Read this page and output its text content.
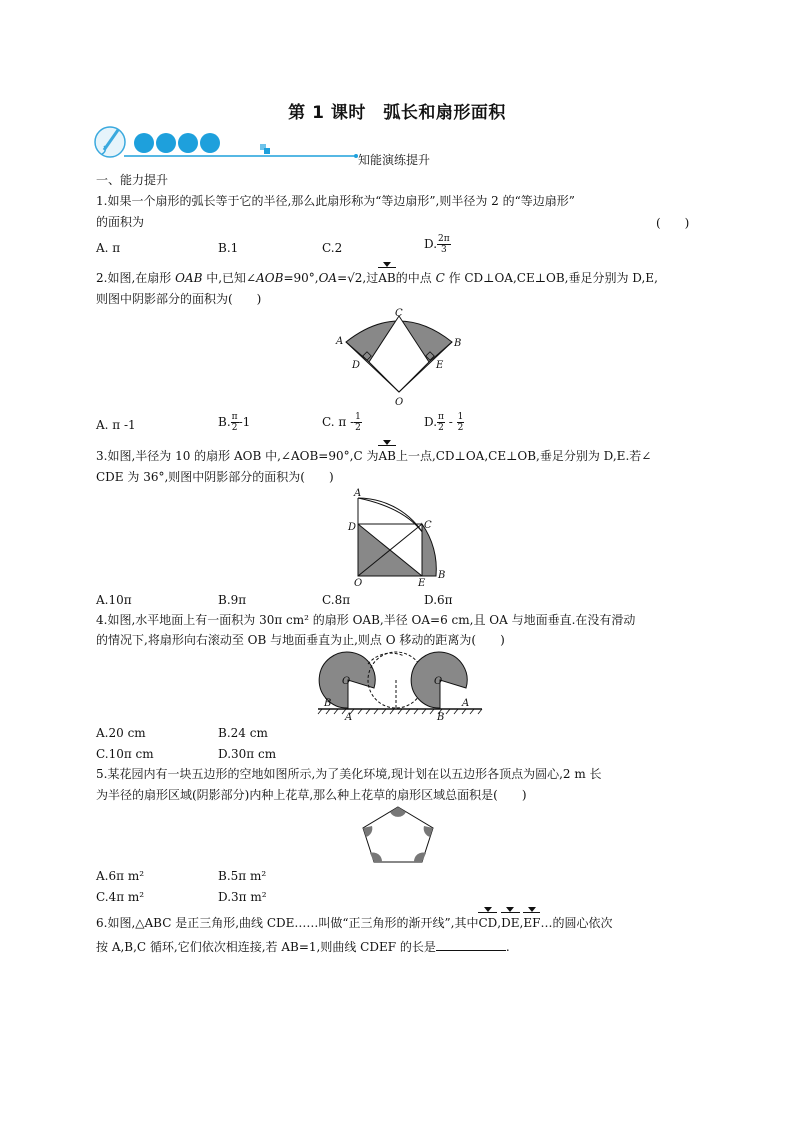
第 1 课时　弧长和扇形面积
知能演练提升
一、能力提升
1.如果一个扇形的弧长等于它的半径,那么此扇形称为“等边扇形”,则半径为 2 的“等边扇形”
的面积为	(　　)
A. π	B.1	C.2	D. $\frac{2\pi}{3}$
2.如图,在扇形 OAB 中,已知∠AOB=90°,OA=√2,过AB的中点 C 作 CD⊥OA,CE⊥OB,垂足分别为 D,E,
则图中阴影部分的面积为(　　)
A	B
C
D	E
O
A. π -1	B. $\frac{\pi}{2} -1$	C. π - $\frac{1}{2}$	D. $\frac{\pi}{2} - \frac{1}{2}$
3.如图,半径为 10 的扇形 AOB 中,∠AOB=90°,C 为AB上一点,CD⊥OA,CE⊥OB,垂足分别为 D,E.若∠
CDE 为 36°,则图中阴影部分的面积为(　　)
A
B
C
D
E
O
A.10π	B.9π	C.8π	D.6π
4.如图,水平地面上有一面积为 30π cm² 的扇形 OAB,半径 OA=6 cm,且 OA 与地面垂直.在没有滑动
的情况下,将扇形向右滚动至 OB 与地面垂直为止,则点 O 移动的距离为(　　)
O
B
A
O
B
A
A.20 cm	B.24 cm
C.10π cm	D.30π cm
5.某花园内有一块五边形的空地如图所示,为了美化环境,现计划在以五边形各顶点为圆心,2 m 长
为半径的扇形区域(阴影部分)内种上花草,那么种上花草的扇形区域总面积是(　　)
A.6π m²	B.5π m²
C.4π m²	D.3π m²
6.如图,△ABC 是正三角形,曲线 CDE……叫做“正三角形的渐开线”,其中CD,DE,EF…的圆心依次
按 A,B,C 循环,它们依次相连接,若 AB=1,则曲线 CDEF 的长是	.
